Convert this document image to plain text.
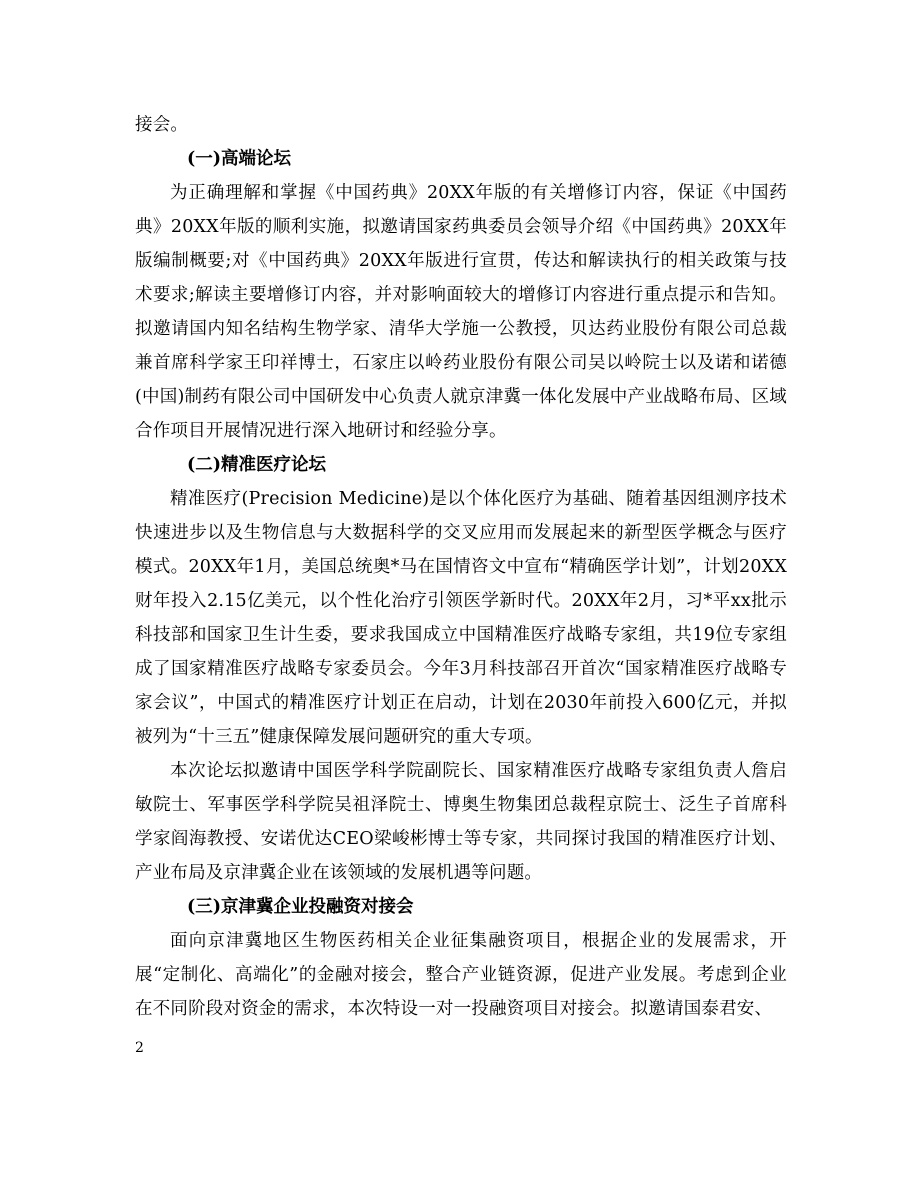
接会。

(一)高端论坛

为正确理解和掌握《中国药典》20XX年版的有关增修订内容，保证《中国药典》20XX年版的顺利实施，拟邀请国家药典委员会领导介绍《中国药典》20XX年版编制概要;对《中国药典》20XX年版进行宣贯，传达和解读执行的相关政策与技术要求;解读主要增修订内容，并对影响面较大的增修订内容进行重点提示和告知。拟邀请国内知名结构生物学家、清华大学施一公教授，贝达药业股份有限公司总裁兼首席科学家王印祥博士，石家庄以岭药业股份有限公司吴以岭院士以及诺和诺德(中国)制药有限公司中国研发中心负责人就京津冀一体化发展中产业战略布局、区域合作项目开展情况进行深入地研讨和经验分享。

(二)精准医疗论坛

精准医疗(Precision Medicine)是以个体化医疗为基础、随着基因组测序技术快速进步以及生物信息与大数据科学的交叉应用而发展起来的新型医学概念与医疗模式。20XX年1月，美国总统奥*马在国情咨文中宣布“精确医学计划”，计划20XX财年投入2.15亿美元，以个性化治疗引领医学新时代。20XX年2月，习*平xx批示科技部和国家卫生计生委，要求我国成立中国精准医疗战略专家组，共19位专家组成了国家精准医疗战略专家委员会。今年3月科技部召开首次“国家精准医疗战略专家会议”，中国式的精准医疗计划正在启动，计划在2030年前投入600亿元，并拟被列为“十三五”健康保障发展问题研究的重大专项。

本次论坛拟邀请中国医学科学院副院长、国家精准医疗战略专家组负责人詹启敏院士、军事医学科学院吴祖泽院士、博奥生物集团总裁程京院士、泛生子首席科学家阎海教授、安诺优达CEO梁峻彬博士等专家，共同探讨我国的精准医疗计划、产业布局及京津冀企业在该领域的发展机遇等问题。

(三)京津冀企业投融资对接会

面向京津冀地区生物医药相关企业征集融资项目，根据企业的发展需求，开展“定制化、高端化”的金融对接会，整合产业链资源，促进产业发展。考虑到企业在不同阶段对资金的需求，本次特设一对一投融资项目对接会。拟邀请国泰君安、

2
